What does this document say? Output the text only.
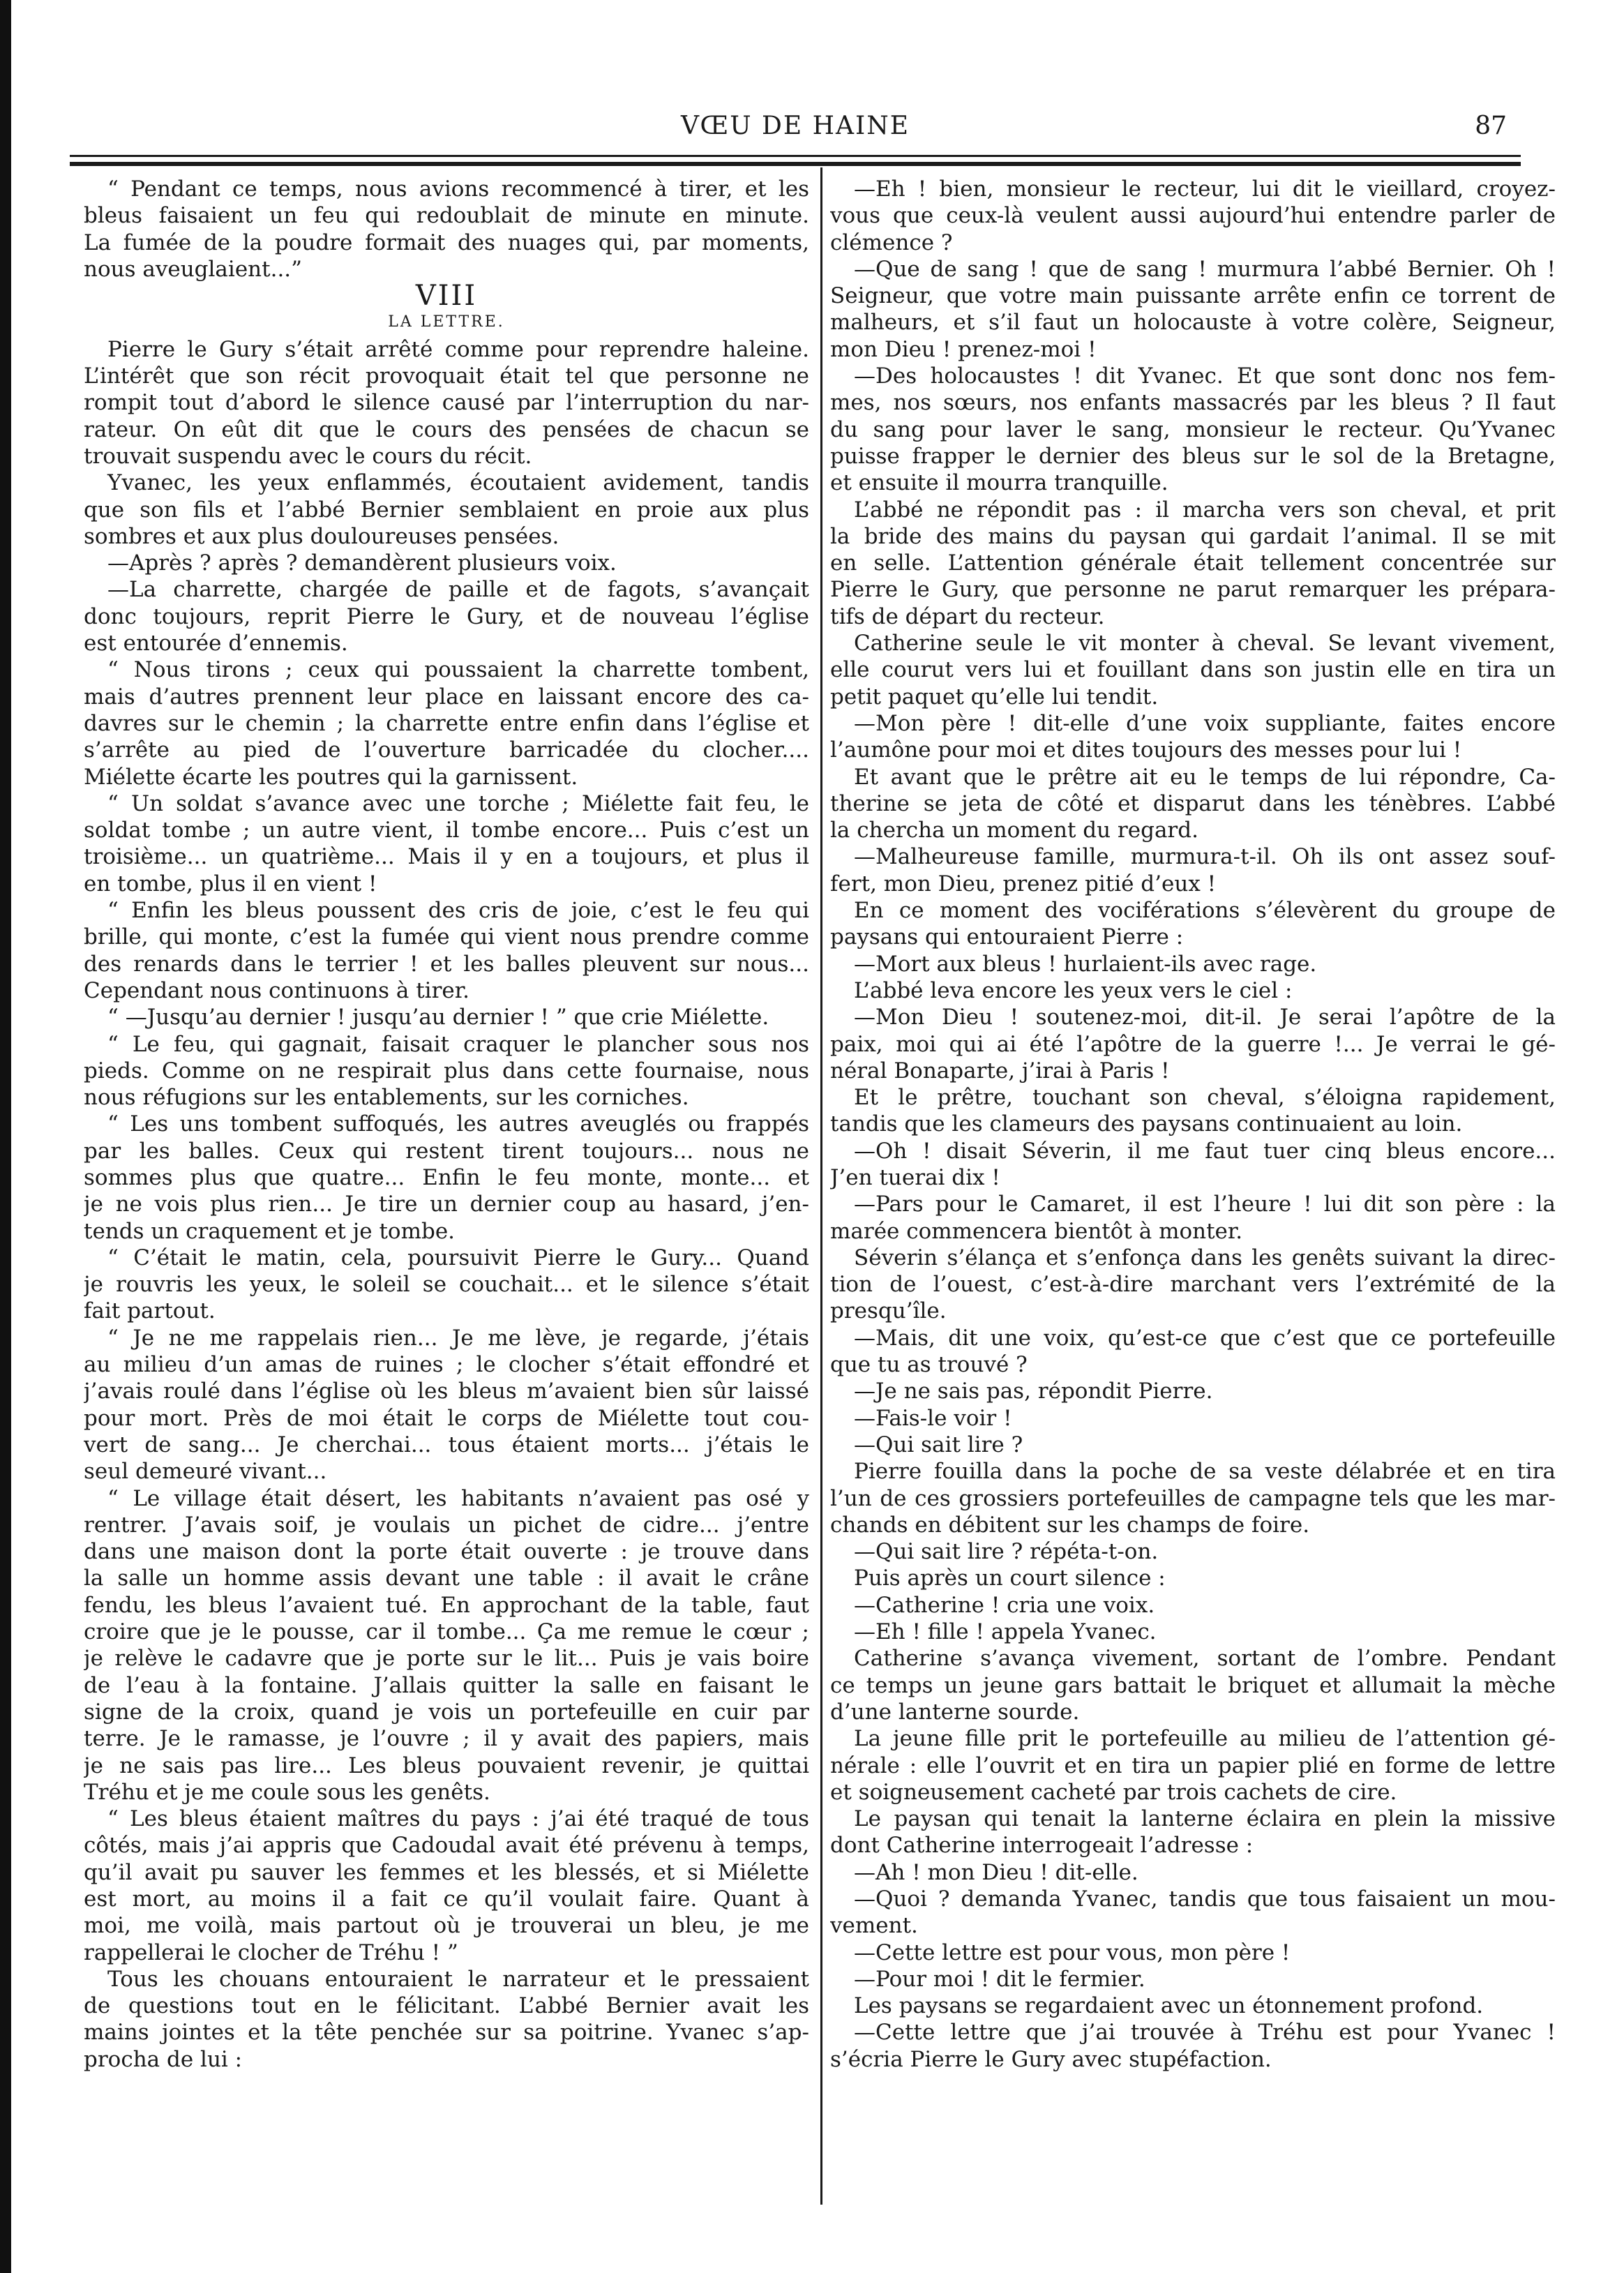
VŒU DE HAINE	87
“ Pendant ce temps, nous avions recommencé à tirer, et les
bleus faisaient un feu qui redoublait de minute en minute.
La fumée de la poudre formait des nuages qui, par moments,
nous aveuglaient...”
VIII
LA LETTRE.
Pierre le Gury s’était arrêté comme pour reprendre haleine.
L’intérêt que son récit provoquait était tel que personne ne
rompit tout d’abord le silence causé par l’interruption du nar-
rateur. On eût dit que le cours des pensées de chacun se
trouvait suspendu avec le cours du récit.
Yvanec, les yeux enflammés, écoutaient avidement, tandis
que son fils et l’abbé Bernier semblaient en proie aux plus
sombres et aux plus douloureuses pensées.
—Après ? après ? demandèrent plusieurs voix.
—La charrette, chargée de paille et de fagots, s’avançait
donc toujours, reprit Pierre le Gury, et de nouveau l’église
est entourée d’ennemis.
“ Nous tirons ; ceux qui poussaient la charrette tombent,
mais d’autres prennent leur place en laissant encore des ca-
davres sur le chemin ; la charrette entre enfin dans l’église et
s’arrête au pied de l’ouverture barricadée du clocher....
Miélette écarte les poutres qui la garnissent.
“ Un soldat s’avance avec une torche ; Miélette fait feu, le
soldat tombe ; un autre vient, il tombe encore... Puis c’est un
troisième... un quatrième... Mais il y en a toujours, et plus il
en tombe, plus il en vient !
“ Enfin les bleus poussent des cris de joie, c’est le feu qui
brille, qui monte, c’est la fumée qui vient nous prendre comme
des renards dans le terrier ! et les balles pleuvent sur nous...
Cependant nous continuons à tirer.
“ —Jusqu’au dernier ! jusqu’au dernier ! ” que crie Miélette.
“ Le feu, qui gagnait, faisait craquer le plancher sous nos
pieds. Comme on ne respirait plus dans cette fournaise, nous
nous réfugions sur les entablements, sur les corniches.
“ Les uns tombent suffoqués, les autres aveuglés ou frappés
par les balles. Ceux qui restent tirent toujours... nous ne
sommes plus que quatre... Enfin le feu monte, monte... et
je ne vois plus rien... Je tire un dernier coup au hasard, j’en-
tends un craquement et je tombe.
“ C’était le matin, cela, poursuivit Pierre le Gury... Quand
je rouvris les yeux, le soleil se couchait... et le silence s’était
fait partout.
“ Je ne me rappelais rien... Je me lève, je regarde, j’étais
au milieu d’un amas de ruines ; le clocher s’était effondré et
j’avais roulé dans l’église où les bleus m’avaient bien sûr laissé
pour mort. Près de moi était le corps de Miélette tout cou-
vert de sang... Je cherchai... tous étaient morts... j’étais le
seul demeuré vivant...
“ Le village était désert, les habitants n’avaient pas osé y
rentrer. J’avais soif, je voulais un pichet de cidre... j’entre
dans une maison dont la porte était ouverte : je trouve dans
la salle un homme assis devant une table : il avait le crâne
fendu, les bleus l’avaient tué. En approchant de la table, faut
croire que je le pousse, car il tombe... Ça me remue le cœur ;
je relève le cadavre que je porte sur le lit... Puis je vais boire
de l’eau à la fontaine. J’allais quitter la salle en faisant le
signe de la croix, quand je vois un portefeuille en cuir par
terre. Je le ramasse, je l’ouvre ; il y avait des papiers, mais
je ne sais pas lire... Les bleus pouvaient revenir, je quittai
Tréhu et je me coule sous les genêts.
“ Les bleus étaient maîtres du pays : j’ai été traqué de tous
côtés, mais j’ai appris que Cadoudal avait été prévenu à temps,
qu’il avait pu sauver les femmes et les blessés, et si Miélette
est mort, au moins il a fait ce qu’il voulait faire. Quant à
moi, me voilà, mais partout où je trouverai un bleu, je me
rappellerai le clocher de Tréhu ! ”
Tous les chouans entouraient le narrateur et le pressaient
de questions tout en le félicitant. L’abbé Bernier avait les
mains jointes et la tête penchée sur sa poitrine. Yvanec s’ap-
procha de lui :
—Eh ! bien, monsieur le recteur, lui dit le vieillard, croyez-
vous que ceux-là veulent aussi aujourd’hui entendre parler de
clémence ?
—Que de sang ! que de sang ! murmura l’abbé Bernier. Oh !
Seigneur, que votre main puissante arrête enfin ce torrent de
malheurs, et s’il faut un holocauste à votre colère, Seigneur,
mon Dieu ! prenez-moi !
—Des holocaustes ! dit Yvanec. Et que sont donc nos fem-
mes, nos sœurs, nos enfants massacrés par les bleus ? Il faut
du sang pour laver le sang, monsieur le recteur. Qu’Yvanec
puisse frapper le dernier des bleus sur le sol de la Bretagne,
et ensuite il mourra tranquille.
L’abbé ne répondit pas : il marcha vers son cheval, et prit
la bride des mains du paysan qui gardait l’animal. Il se mit
en selle. L’attention générale était tellement concentrée sur
Pierre le Gury, que personne ne parut remarquer les prépara-
tifs de départ du recteur.
Catherine seule le vit monter à cheval. Se levant vivement,
elle courut vers lui et fouillant dans son justin elle en tira un
petit paquet qu’elle lui tendit.
—Mon père ! dit-elle d’une voix suppliante, faites encore
l’aumône pour moi et dites toujours des messes pour lui !
Et avant que le prêtre ait eu le temps de lui répondre, Ca-
therine se jeta de côté et disparut dans les ténèbres. L’abbé
la chercha un moment du regard.
—Malheureuse famille, murmura-t-il. Oh ils ont assez souf-
fert, mon Dieu, prenez pitié d’eux !
En ce moment des vociférations s’élevèrent du groupe de
paysans qui entouraient Pierre :
—Mort aux bleus ! hurlaient-ils avec rage.
L’abbé leva encore les yeux vers le ciel :
—Mon Dieu ! soutenez-moi, dit-il. Je serai l’apôtre de la
paix, moi qui ai été l’apôtre de la guerre !... Je verrai le gé-
néral Bonaparte, j’irai à Paris !
Et le prêtre, touchant son cheval, s’éloigna rapidement,
tandis que les clameurs des paysans continuaient au loin.
—Oh ! disait Séverin, il me faut tuer cinq bleus encore...
J’en tuerai dix !
—Pars pour le Camaret, il est l’heure ! lui dit son père : la
marée commencera bientôt à monter.
Séverin s’élança et s’enfonça dans les genêts suivant la direc-
tion de l’ouest, c’est-à-dire marchant vers l’extrémité de la
presqu’île.
—Mais, dit une voix, qu’est-ce que c’est que ce portefeuille
que tu as trouvé ?
—Je ne sais pas, répondit Pierre.
—Fais-le voir !
—Qui sait lire ?
Pierre fouilla dans la poche de sa veste délabrée et en tira
l’un de ces grossiers portefeuilles de campagne tels que les mar-
chands en débitent sur les champs de foire.
—Qui sait lire ? répéta-t-on.
Puis après un court silence :
—Catherine ! cria une voix.
—Eh ! fille ! appela Yvanec.
Catherine s’avança vivement, sortant de l’ombre. Pendant
ce temps un jeune gars battait le briquet et allumait la mèche
d’une lanterne sourde.
La jeune fille prit le portefeuille au milieu de l’attention gé-
nérale : elle l’ouvrit et en tira un papier plié en forme de lettre
et soigneusement cacheté par trois cachets de cire.
Le paysan qui tenait la lanterne éclaira en plein la missive
dont Catherine interrogeait l’adresse :
—Ah ! mon Dieu ! dit-elle.
—Quoi ? demanda Yvanec, tandis que tous faisaient un mou-
vement.
—Cette lettre est pour vous, mon père !
—Pour moi ! dit le fermier.
Les paysans se regardaient avec un étonnement profond.
—Cette lettre que j’ai trouvée à Tréhu est pour Yvanec !
s’écria Pierre le Gury avec stupéfaction.
